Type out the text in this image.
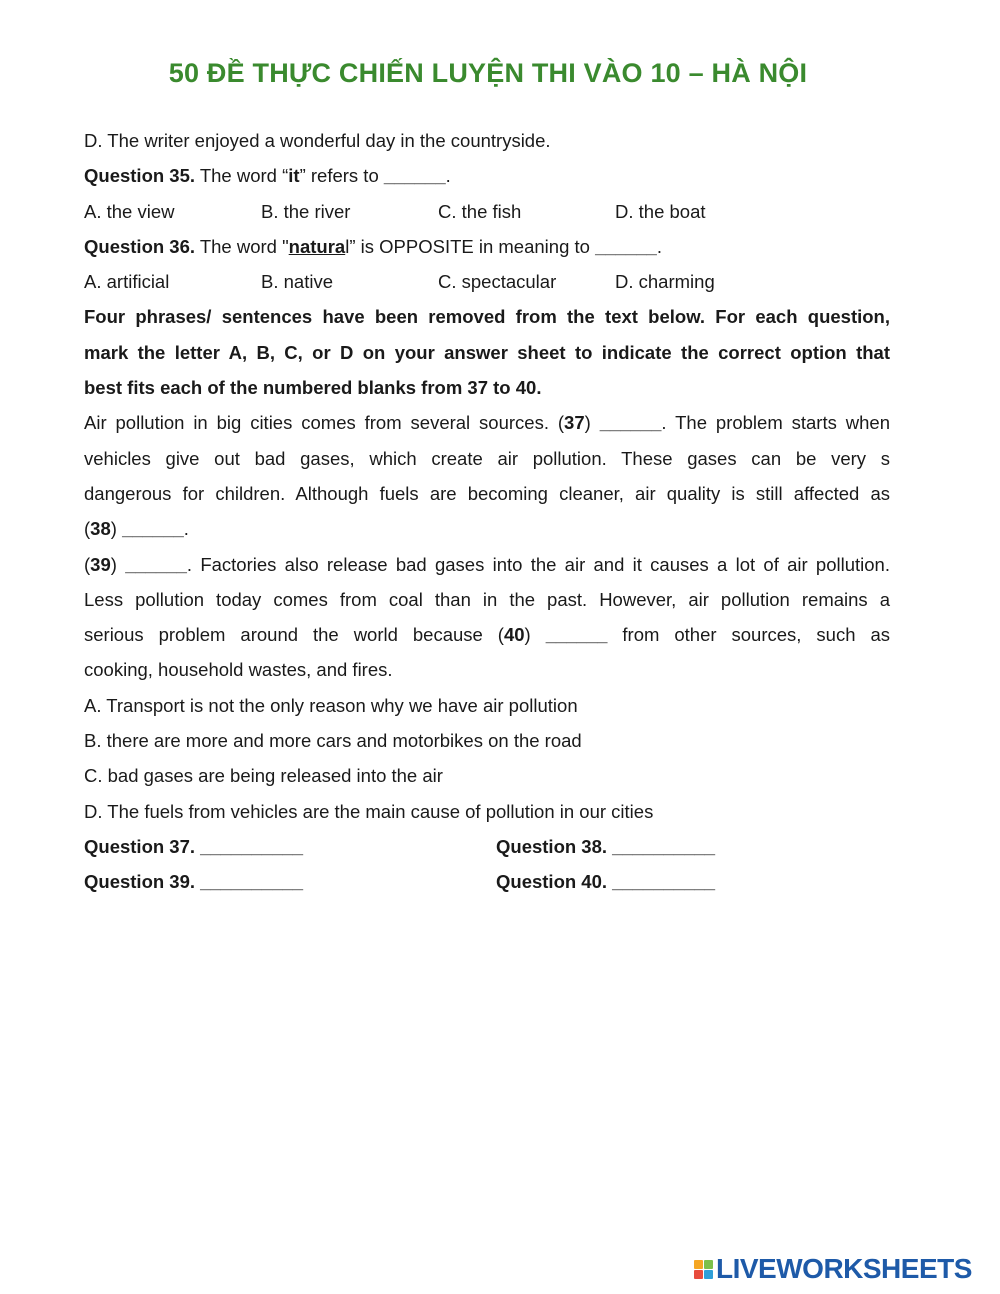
50 ĐỀ THỰC CHIẾN LUYỆN THI VÀO 10 – HÀ NỘI
D. The writer enjoyed a wonderful day in the countryside.
Question 35. The word “it” refers to ______.
A. the view	B. the river	C. the fish	D. the boat
Question 36. The word "natural” is OPPOSITE in meaning to ______.
A. artificial	B. native	C. spectacular	D. charming
Four phrases/ sentences have been removed from the text below. For each question,
mark the letter A, B, C, or D on your answer sheet to indicate the correct option that
best fits each of the numbered blanks from 37 to 40.
Air pollution in big cities comes from several sources. (37) ______. The problem starts when
vehicles give out bad gases, which create air pollution. These gases can be very s
dangerous for children. Although fuels are becoming cleaner, air quality is still affected as
(38) ______.
(39) ______. Factories also release bad gases into the air and it causes a lot of air pollution.
Less pollution today comes from coal than in the past. However, air pollution remains a
serious problem around the world because (40) ______ from other sources, such as
cooking, household wastes, and fires.
A. Transport is not the only reason why we have air pollution
B. there are more and more cars and motorbikes on the road
C. bad gases are being released into the air
D. The fuels from vehicles are the main cause of pollution in our cities
Question 37. __________	Question 38. __________
Question 39. __________	Question 40. __________
LIVEWORKSHEETS
